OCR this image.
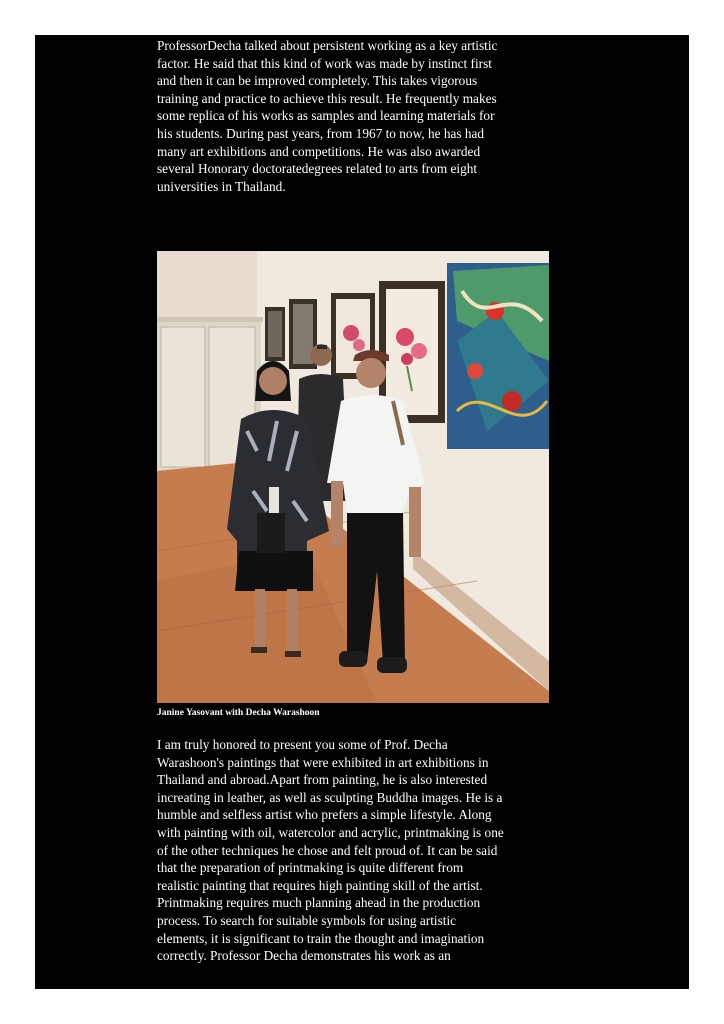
ProfessorDecha talked about persistent working as a key artistic
factor. He said that this kind of work was made by instinct first
and then it can be improved completely. This takes vigorous
training and practice to achieve this result. He frequently makes
some replica of his works as samples and learning materials for
his students. During past years, from 1967 to now, he has had
many art exhibitions and competitions. He was also awarded
several Honorary doctoratedegrees related to arts from eight
universities in Thailand.

Janine Yasovant with Decha Warashoon

I am truly honored to present you some of Prof. Decha
Warashoon's paintings that were exhibited in art exhibitions in
Thailand and abroad.Apart from painting, he is also interested
increating in leather, as well as sculpting Buddha images. He is a
humble and selfless artist who prefers a simple lifestyle. Along
with painting with oil, watercolor and acrylic, printmaking is one
of the other techniques he chose and felt proud of. It can be said
that the preparation of printmaking is quite different from
realistic painting that requires high painting skill of the artist.
Printmaking requires much planning ahead in the production
process. To search for suitable symbols for using artistic
elements, it is significant to train the thought and imagination
correctly. Professor Decha demonstrates his work as an
